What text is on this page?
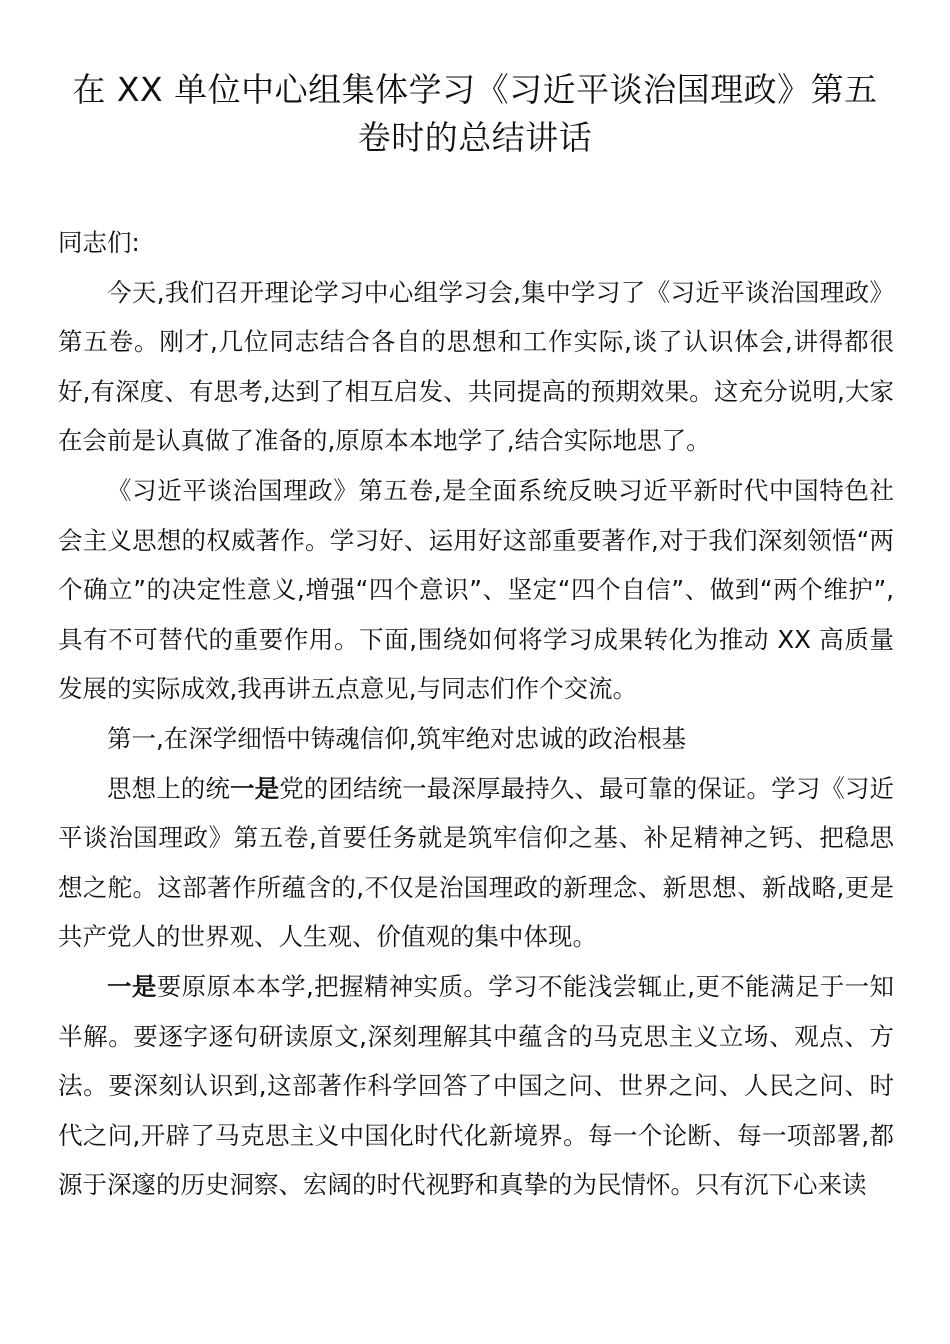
在 XX 单位中心组集体学习《习近平谈治国理政》第五
卷时的总结讲话

同志们:

今天,我们召开理论学习中心组学习会,集中学习了《习近平谈治国理政》第五卷。刚才,几位同志结合各自的思想和工作实际,谈了认识体会,讲得都很好,有深度、有思考,达到了相互启发、共同提高的预期效果。这充分说明,大家在会前是认真做了准备的,原原本本地学了,结合实际地思了。

《习近平谈治国理政》第五卷,是全面系统反映习近平新时代中国特色社会主义思想的权威著作。学习好、运用好这部重要著作,对于我们深刻领悟“两个确立”的决定性意义,增强“四个意识”、坚定“四个自信”、做到“两个维护”,具有不可替代的重要作用。下面,围绕如何将学习成果转化为推动 XX 高质量发展的实际成效,我再讲五点意见,与同志们作个交流。

第一,在深学细悟中铸魂信仰,筑牢绝对忠诚的政治根基

思想上的统一是党的团结统一最深厚最持久、最可靠的保证。学习《习近平谈治国理政》第五卷,首要任务就是筑牢信仰之基、补足精神之钙、把稳思想之舵。这部著作所蕴含的,不仅是治国理政的新理念、新思想、新战略,更是共产党人的世界观、人生观、价值观的集中体现。

一是要原原本本学,把握精神实质。学习不能浅尝辄止,更不能满足于一知半解。要逐字逐句研读原文,深刻理解其中蕴含的马克思主义立场、观点、方法。要深刻认识到,这部著作科学回答了中国之问、世界之问、人民之问、时代之问,开辟了马克思主义中国化时代化新境界。每一个论断、每一项部署,都源于深邃的历史洞察、宏阔的时代视野和真挚的为民情怀。只有沉下心来读
